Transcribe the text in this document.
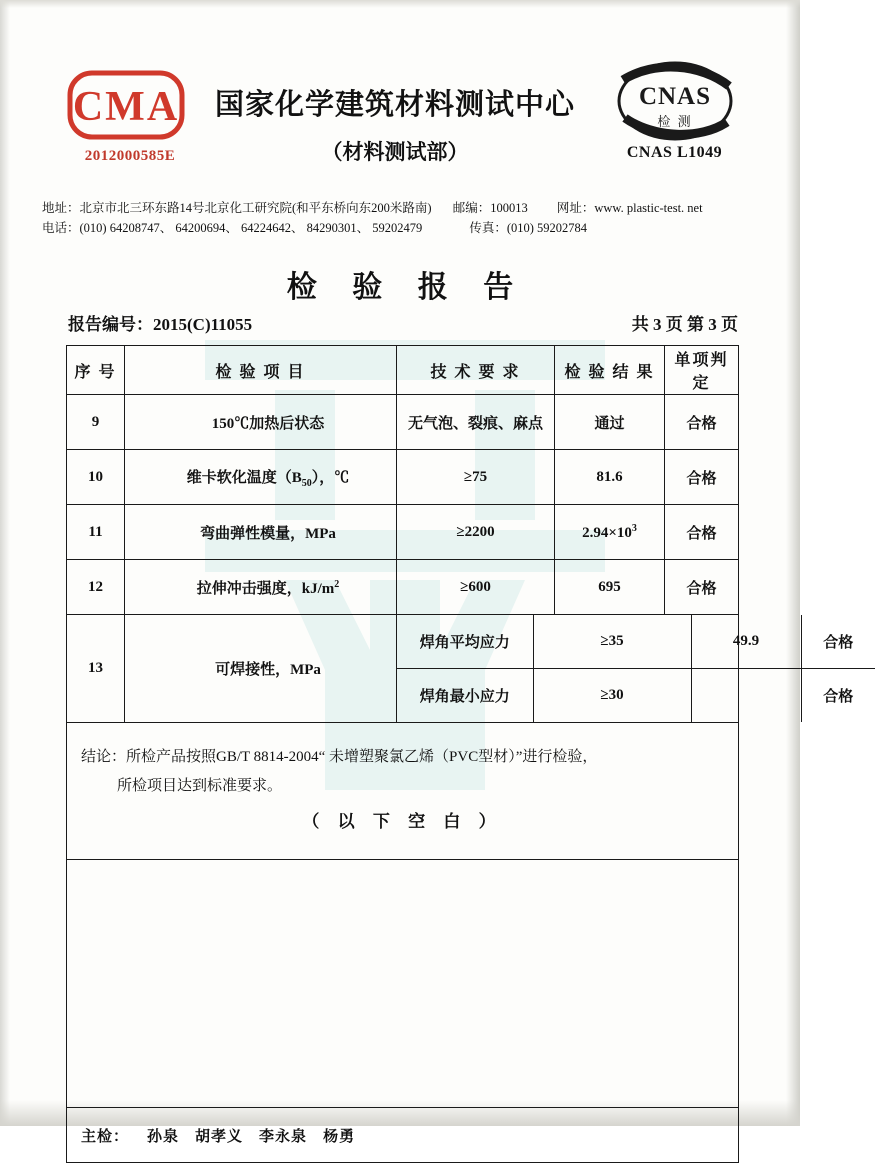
CMA
2012000585E
国家化学建筑材料测试中心
（材料测试部）
CNAS
检 测
CNAS L1049
地址：北京市北三环东路14号北京化工研究院(和平东桥向东200米路南) 邮编：100013 网址：www. plastic-test. net
电话：(010) 64208747、 64200694、 64224642、 84290301、 59202479	传真：(010) 59202784
检 验 报 告
报告编号：2015(C)11055	共 3 页 第 3 页
序 号	检 验 项 目	技 术 要 求	检 验 结 果	单项判定
9	150℃加热后状态	无气泡、裂痕、麻点	通过	合格
10	维卡软化温度$(B_{50})$，℃	≥75	81.6	合格
11	弯曲弹性模量，MPa	≥2200	$2.94\times 10^3$	合格
12	拉伸冲击强度，$kJ/m^2$	≥600	695	合格
13	可焊接性，MPa	
焊角平均应力	≥35	49.9	合格
焊角最小应力	≥30		合格

结论：所检产品按照GB/T 8814-2004“ 未增塑聚氯乙烯（PVC型材）”进行检验，
所检项目达到标准要求。
（ 以 下 空 白 ）

主检： 孙泉 胡孝义 李永泉 杨勇
